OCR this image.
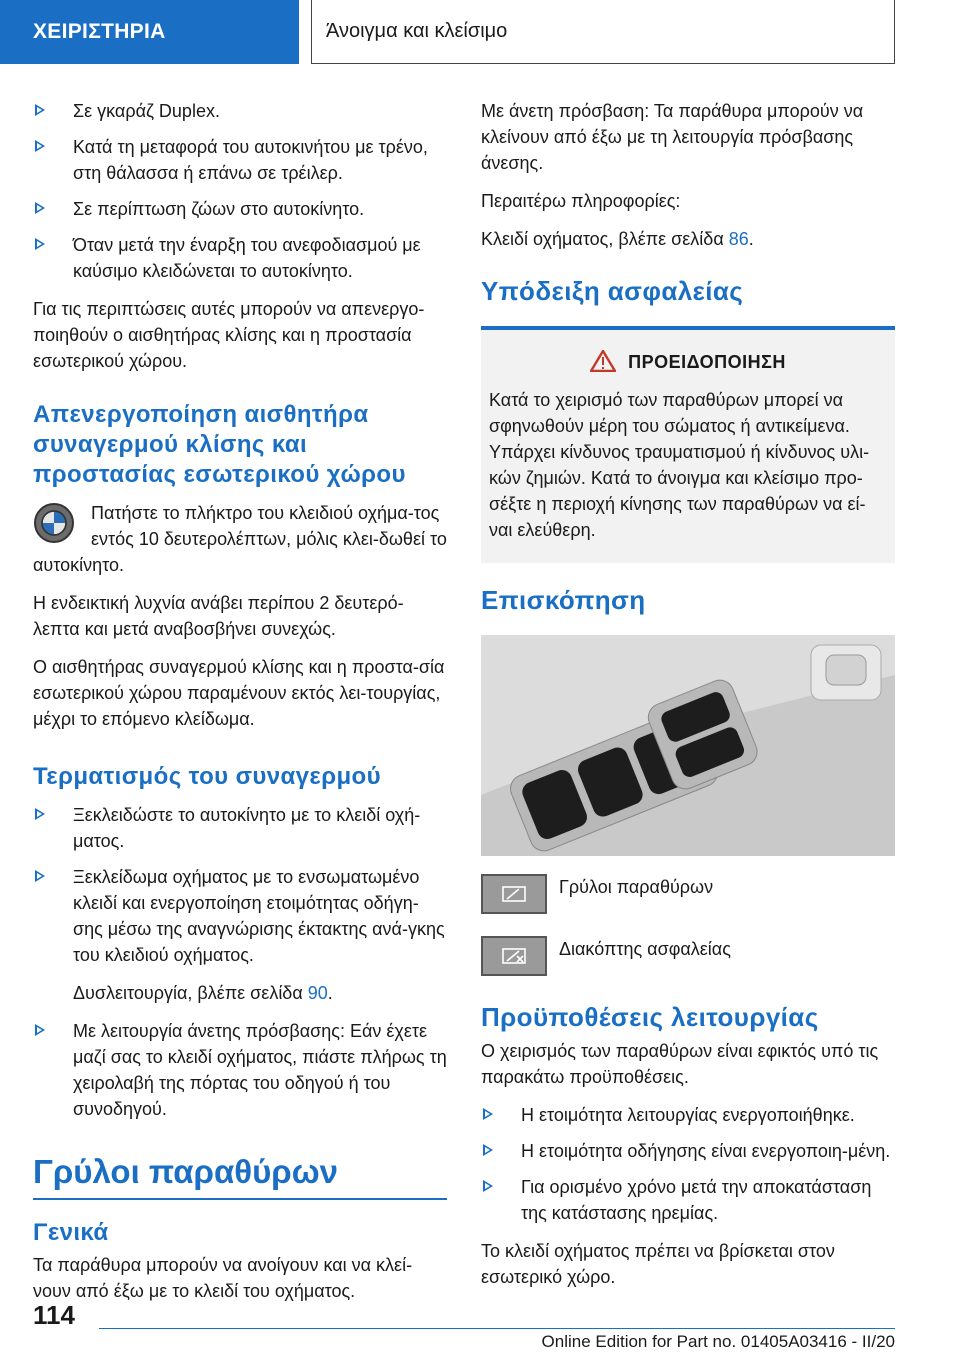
ΧΕΙΡΙΣΤΗΡΙΑ	Άνοιγμα και κλείσιμο
Σε γκαράζ Duplex.
Κατά τη μεταφορά του αυτοκινήτου με τρένο, στη θάλασσα ή επάνω σε τρέιλερ.
Σε περίπτωση ζώων στο αυτοκίνητο.
Όταν μετά την έναρξη του ανεφοδιασμού με καύσιμο κλειδώνεται το αυτοκίνητο.

Για τις περιπτώσεις αυτές μπορούν να απενεργο-ποιηθούν ο αισθητήρας κλίσης και η προστασία εσωτερικού χώρου.

Απενεργοποίηση αισθητήρα συναγερμού κλίσης και προστασίας εσωτερικού χώρου

Πατήστε το πλήκτρο του κλειδιού οχήμα-τος εντός 10 δευτερολέπτων, μόλις κλει-δωθεί το αυτοκίνητο.

Η ενδεικτική λυχνία ανάβει περίπου 2 δευτερό-λεπτα και μετά αναβοσβήνει συνεχώς.

Ο αισθητήρας συναγερμού κλίσης και η προστα-σία εσωτερικού χώρου παραμένουν εκτός λει-τουργίας, μέχρι το επόμενο κλείδωμα.

Τερματισμός του συναγερμού
Ξεκλειδώστε το αυτοκίνητο με το κλειδί οχή-ματος.
Ξεκλείδωμα οχήματος με το ενσωματωμένο κλειδί και ενεργοποίηση ετοιμότητας οδήγη-σης μέσω της αναγνώρισης έκτακτης ανά-γκης του κλειδιού οχήματος.

Δυσλειτουργία, βλέπε σελίδα 90.

Με λειτουργία άνετης πρόσβασης: Εάν έχετε μαζί σας το κλειδί οχήματος, πιάστε πλήρως τη χειρολαβή της πόρτας του οδηγού ή του συνοδηγού.
Γρύλοι παραθύρων
Γενικά

Τα παράθυρα μπορούν να ανοίγουν και να κλεί-νουν από έξω με το κλειδί του οχήματος.

Με άνετη πρόσβαση: Τα παράθυρα μπορούν να κλείνουν από έξω με τη λειτουργία πρόσβασης άνεσης.

Περαιτέρω πληροφορίες:

Κλειδί οχήματος, βλέπε σελίδα 86.

Υπόδειξη ασφαλείας
ΠΡΟΕΙΔΟΠΟΙΗΣΗ

Κατά το χειρισμό των παραθύρων μπορεί να σφηνωθούν μέρη του σώματος ή αντικείμενα. Υπάρχει κίνδυνος τραυματισμού ή κίνδυνος υλι-κών ζημιών. Κατά το άνοιγμα και κλείσιμο προ-σέξτε η περιοχή κίνησης των παραθύρων να εί-ναι ελεύθερη.

Επισκόπηση
Γρύλοι παραθύρων
Διακόπτης ασφαλείας
Προϋποθέσεις λειτουργίας

Ο χειρισμός των παραθύρων είναι εφικτός υπό τις παρακάτω προϋποθέσεις.

Η ετοιμότητα λειτουργίας ενεργοποιήθηκε.
Η ετοιμότητα οδήγησης είναι ενεργοποιη-μένη.
Για ορισμένο χρόνο μετά την αποκατάσταση της κατάστασης ηρεμίας.

Το κλειδί οχήματος πρέπει να βρίσκεται στον εσωτερικό χώρο.

114
Online Edition for Part no. 01405A03416 - II/20
